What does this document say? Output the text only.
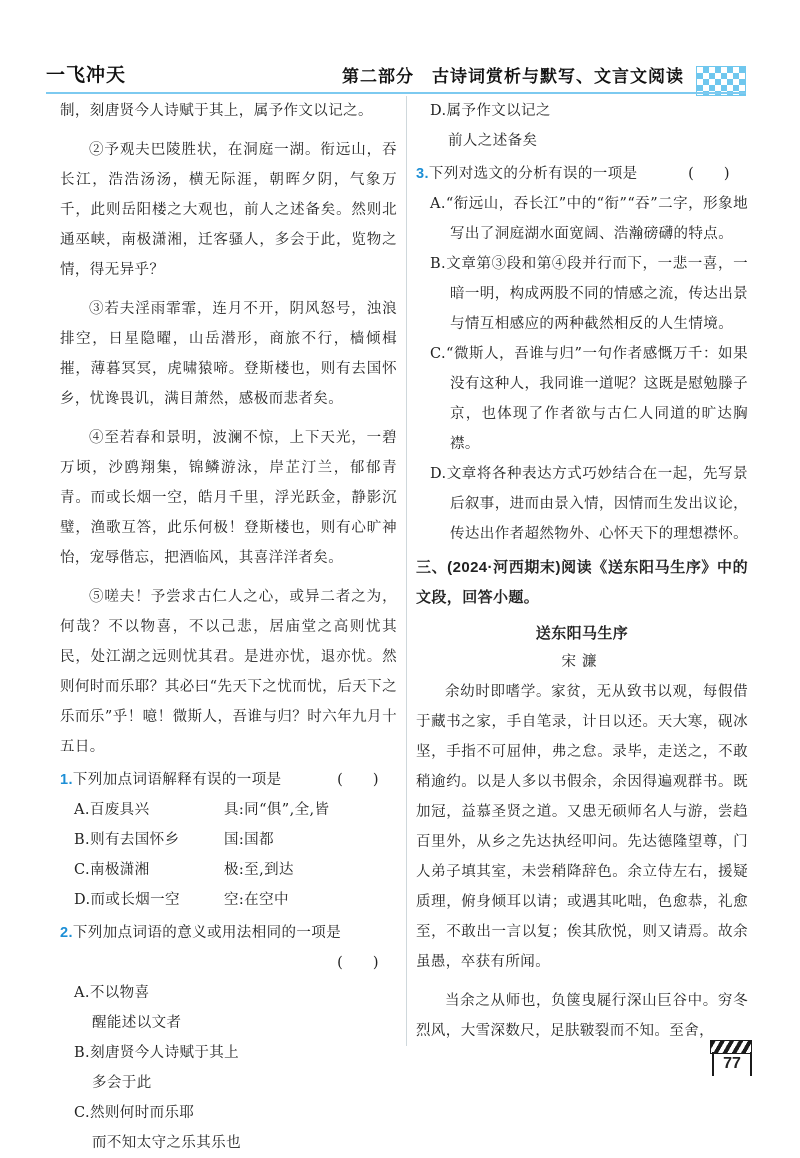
一飞冲天	第二部分　古诗词赏析与默写、文言文阅读

制，刻唐贤今人诗赋于其上，属予作文以记之。

②予观夫巴陵胜状，在洞庭一湖。衔远山，吞长江，浩浩汤汤，横无际涯，朝晖夕阴，气象万千，此则岳阳楼之大观也，前人之述备矣。然则北通巫峡，南极潇湘，迁客骚人，多会于此，览物之情，得无异乎？

③若夫淫雨霏霏，连月不开，阴风怒号，浊浪排空，日星隐曜，山岳潜形，商旅不行，樯倾楫摧，薄暮冥冥，虎啸猿啼。登斯楼也，则有去国怀乡，忧谗畏讥，满目萧然，感极而悲者矣。

④至若春和景明，波澜不惊，上下天光，一碧万顷，沙鸥翔集，锦鳞游泳，岸芷汀兰，郁郁青青。而或长烟一空，皓月千里，浮光跃金，静影沉璧，渔歌互答，此乐何极！登斯楼也，则有心旷神怡，宠辱偕忘，把酒临风，其喜洋洋者矣。

⑤嗟夫！予尝求古仁人之心，或异二者之为，何哉？不以物喜，不以己悲，居庙堂之高则忧其民，处江湖之远则忧其君。是进亦忧，退亦忧。然则何时而乐耶？其必曰“先天下之忧而忧，后天下之乐而乐”乎！噫！微斯人，吾谁与归？时六年九月十五日。

1.下列加点词语解释有误的一项是	(　　)

A.百废具兴	具:同“俱”,全,皆
B.则有去国怀乡	国:国都
C.南极潇湘	极:至,到达
D.而或长烟一空	空:在空中

2.下列加点词语的意义或用法相同的一项是

(　　)

A.不以物喜
醒能述以文者
B.刻唐贤今人诗赋于其上
多会于此
C.然则何时而乐耶
而不知太守之乐其乐也
D.属予作文以记之
前人之述备矣

3.下列对选文的分析有误的一项是	(　　)

A.“衔远山，吞长江”中的“衔”“吞”二字，形象地写出了洞庭湖水面宽阔、浩瀚磅礴的特点。

B.文章第③段和第④段并行而下，一悲一喜，一暗一明，构成两股不同的情感之流，传达出景与情互相感应的两种截然相反的人生情境。

C.“微斯人，吾谁与归”一句作者感慨万千：如果没有这种人，我同谁一道呢？这既是慰勉滕子京，也体现了作者欲与古仁人同道的旷达胸襟。

D.文章将各种表达方式巧妙结合在一起，先写景后叙事，进而由景入情，因情而生发出议论，传达出作者超然物外、心怀天下的理想襟怀。

三、(2024·河西期末)阅读《送东阳马生序》中的文段，回答小题。

送东阳马生序

宋濂

余幼时即嗜学。家贫，无从致书以观，每假借于藏书之家，手自笔录，计日以还。天大寒，砚冰坚，手指不可屈伸，弗之怠。录毕，走送之，不敢稍逾约。以是人多以书假余，余因得遍观群书。既加冠，益慕圣贤之道。又患无硕师名人与游，尝趋百里外，从乡之先达执经叩问。先达德隆望尊，门人弟子填其室，未尝稍降辞色。余立侍左右，援疑质理，俯身倾耳以请；或遇其叱咄，色愈恭，礼愈至，不敢出一言以复；俟其欣悦，则又请焉。故余虽愚，卒获有所闻。

当余之从师也，负箧曳屣行深山巨谷中。穷冬烈风，大雪深数尺，足肤皲裂而不知。至舍，

77
